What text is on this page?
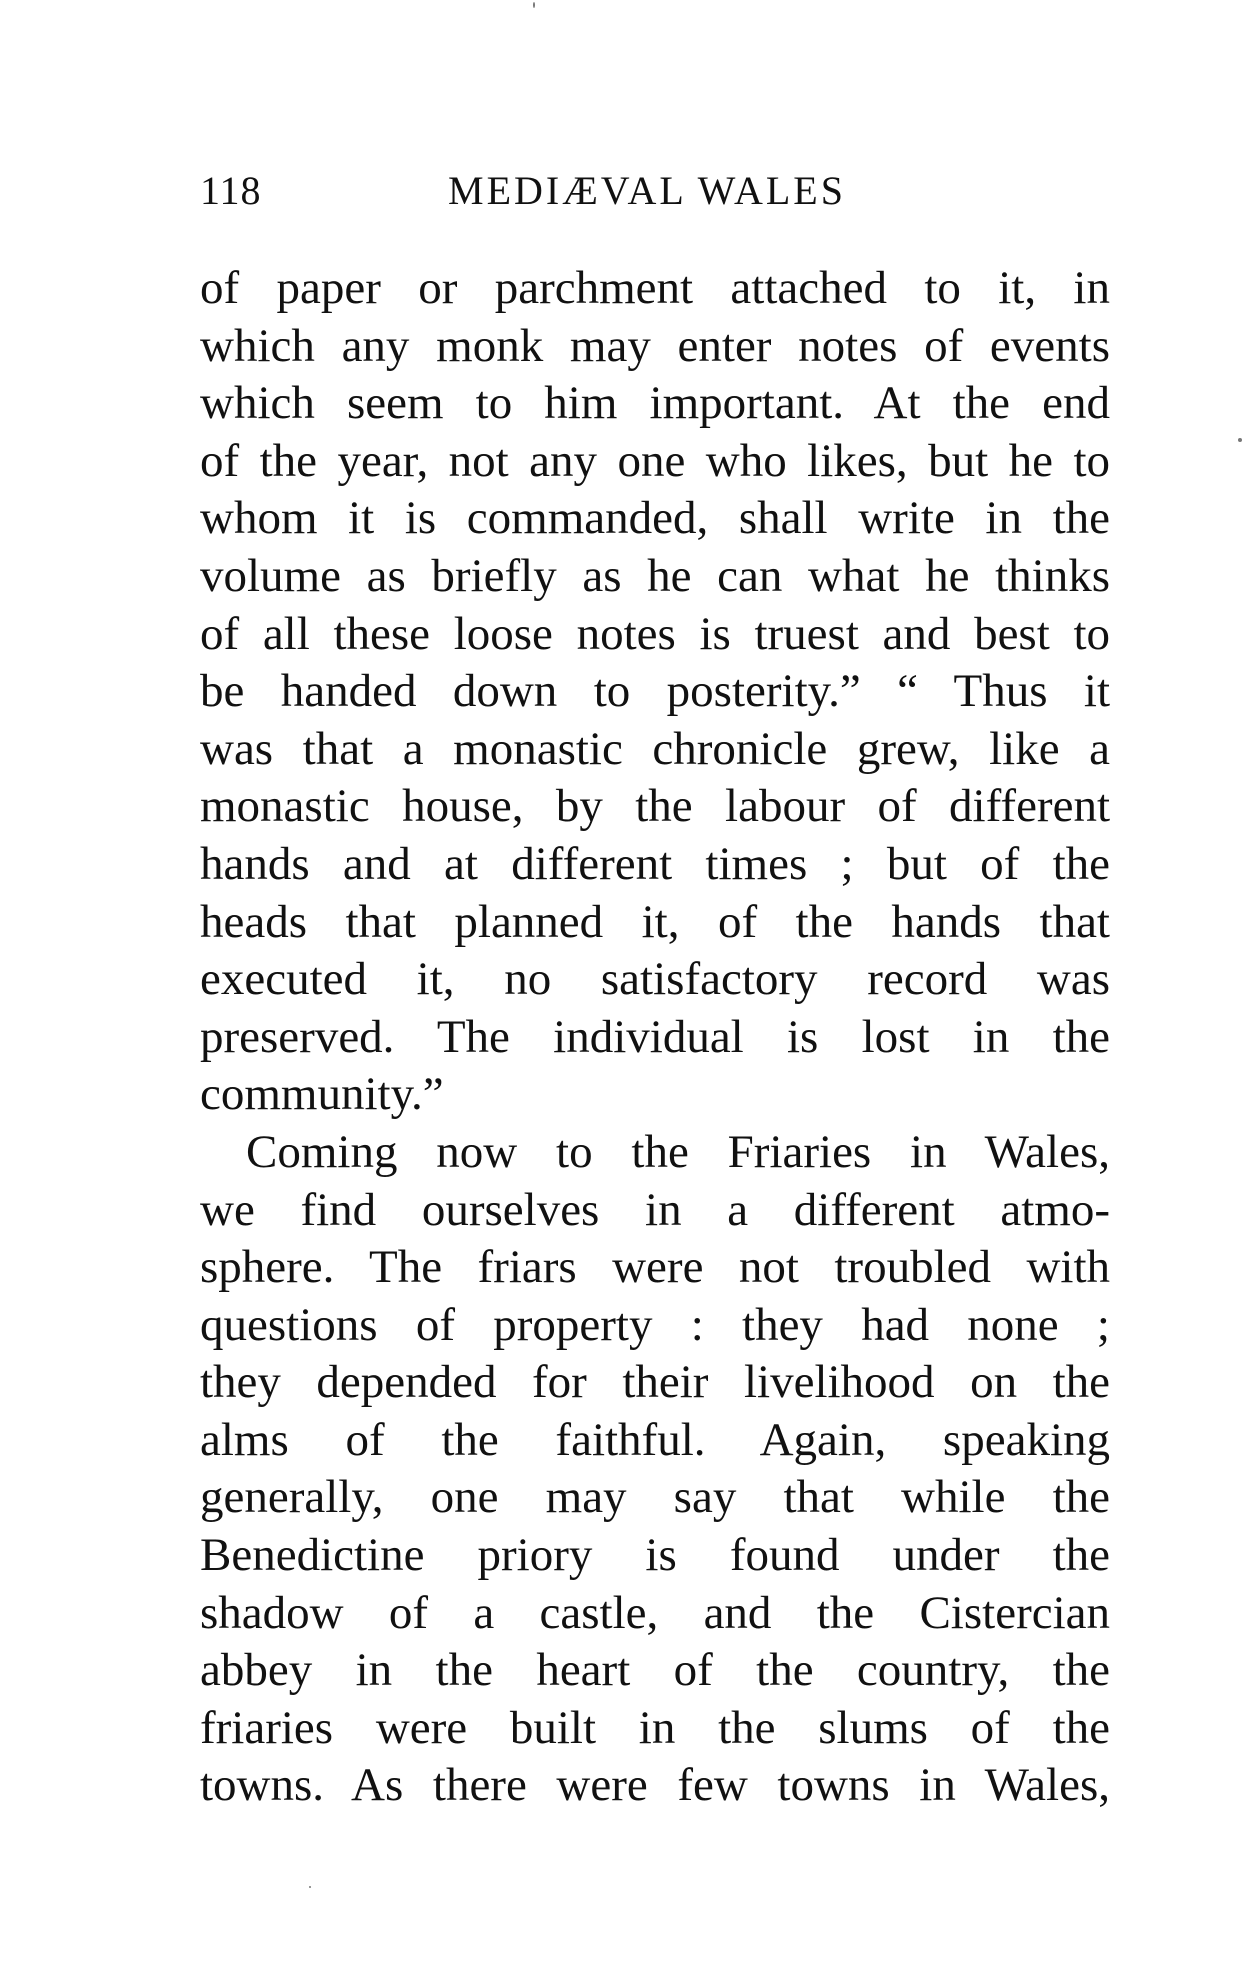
118	MEDIÆVAL WALES
of paper or parchment attached to it, in
which any monk may enter notes of events
which seem to him important. At the end
of the year, not any one who likes, but he to
whom it is commanded, shall write in the
volume as briefly as he can what he thinks
of all these loose notes is truest and best to
be handed down to posterity.” “ Thus it
was that a monastic chronicle grew, like a
monastic house, by the labour of different
hands and at different times ; but of the
heads that planned it, of the hands that
executed it, no satisfactory record was
preserved. The individual is lost in the
community.”
Coming now to the Friaries in Wales,
we find ourselves in a different atmo-
sphere. The friars were not troubled with
questions of property : they had none ;
they depended for their livelihood on the
alms of the faithful. Again, speaking
generally, one may say that while the
Benedictine priory is found under the
shadow of a castle, and the Cistercian
abbey in the heart of the country, the
friaries were built in the slums of the
towns. As there were few towns in Wales,
